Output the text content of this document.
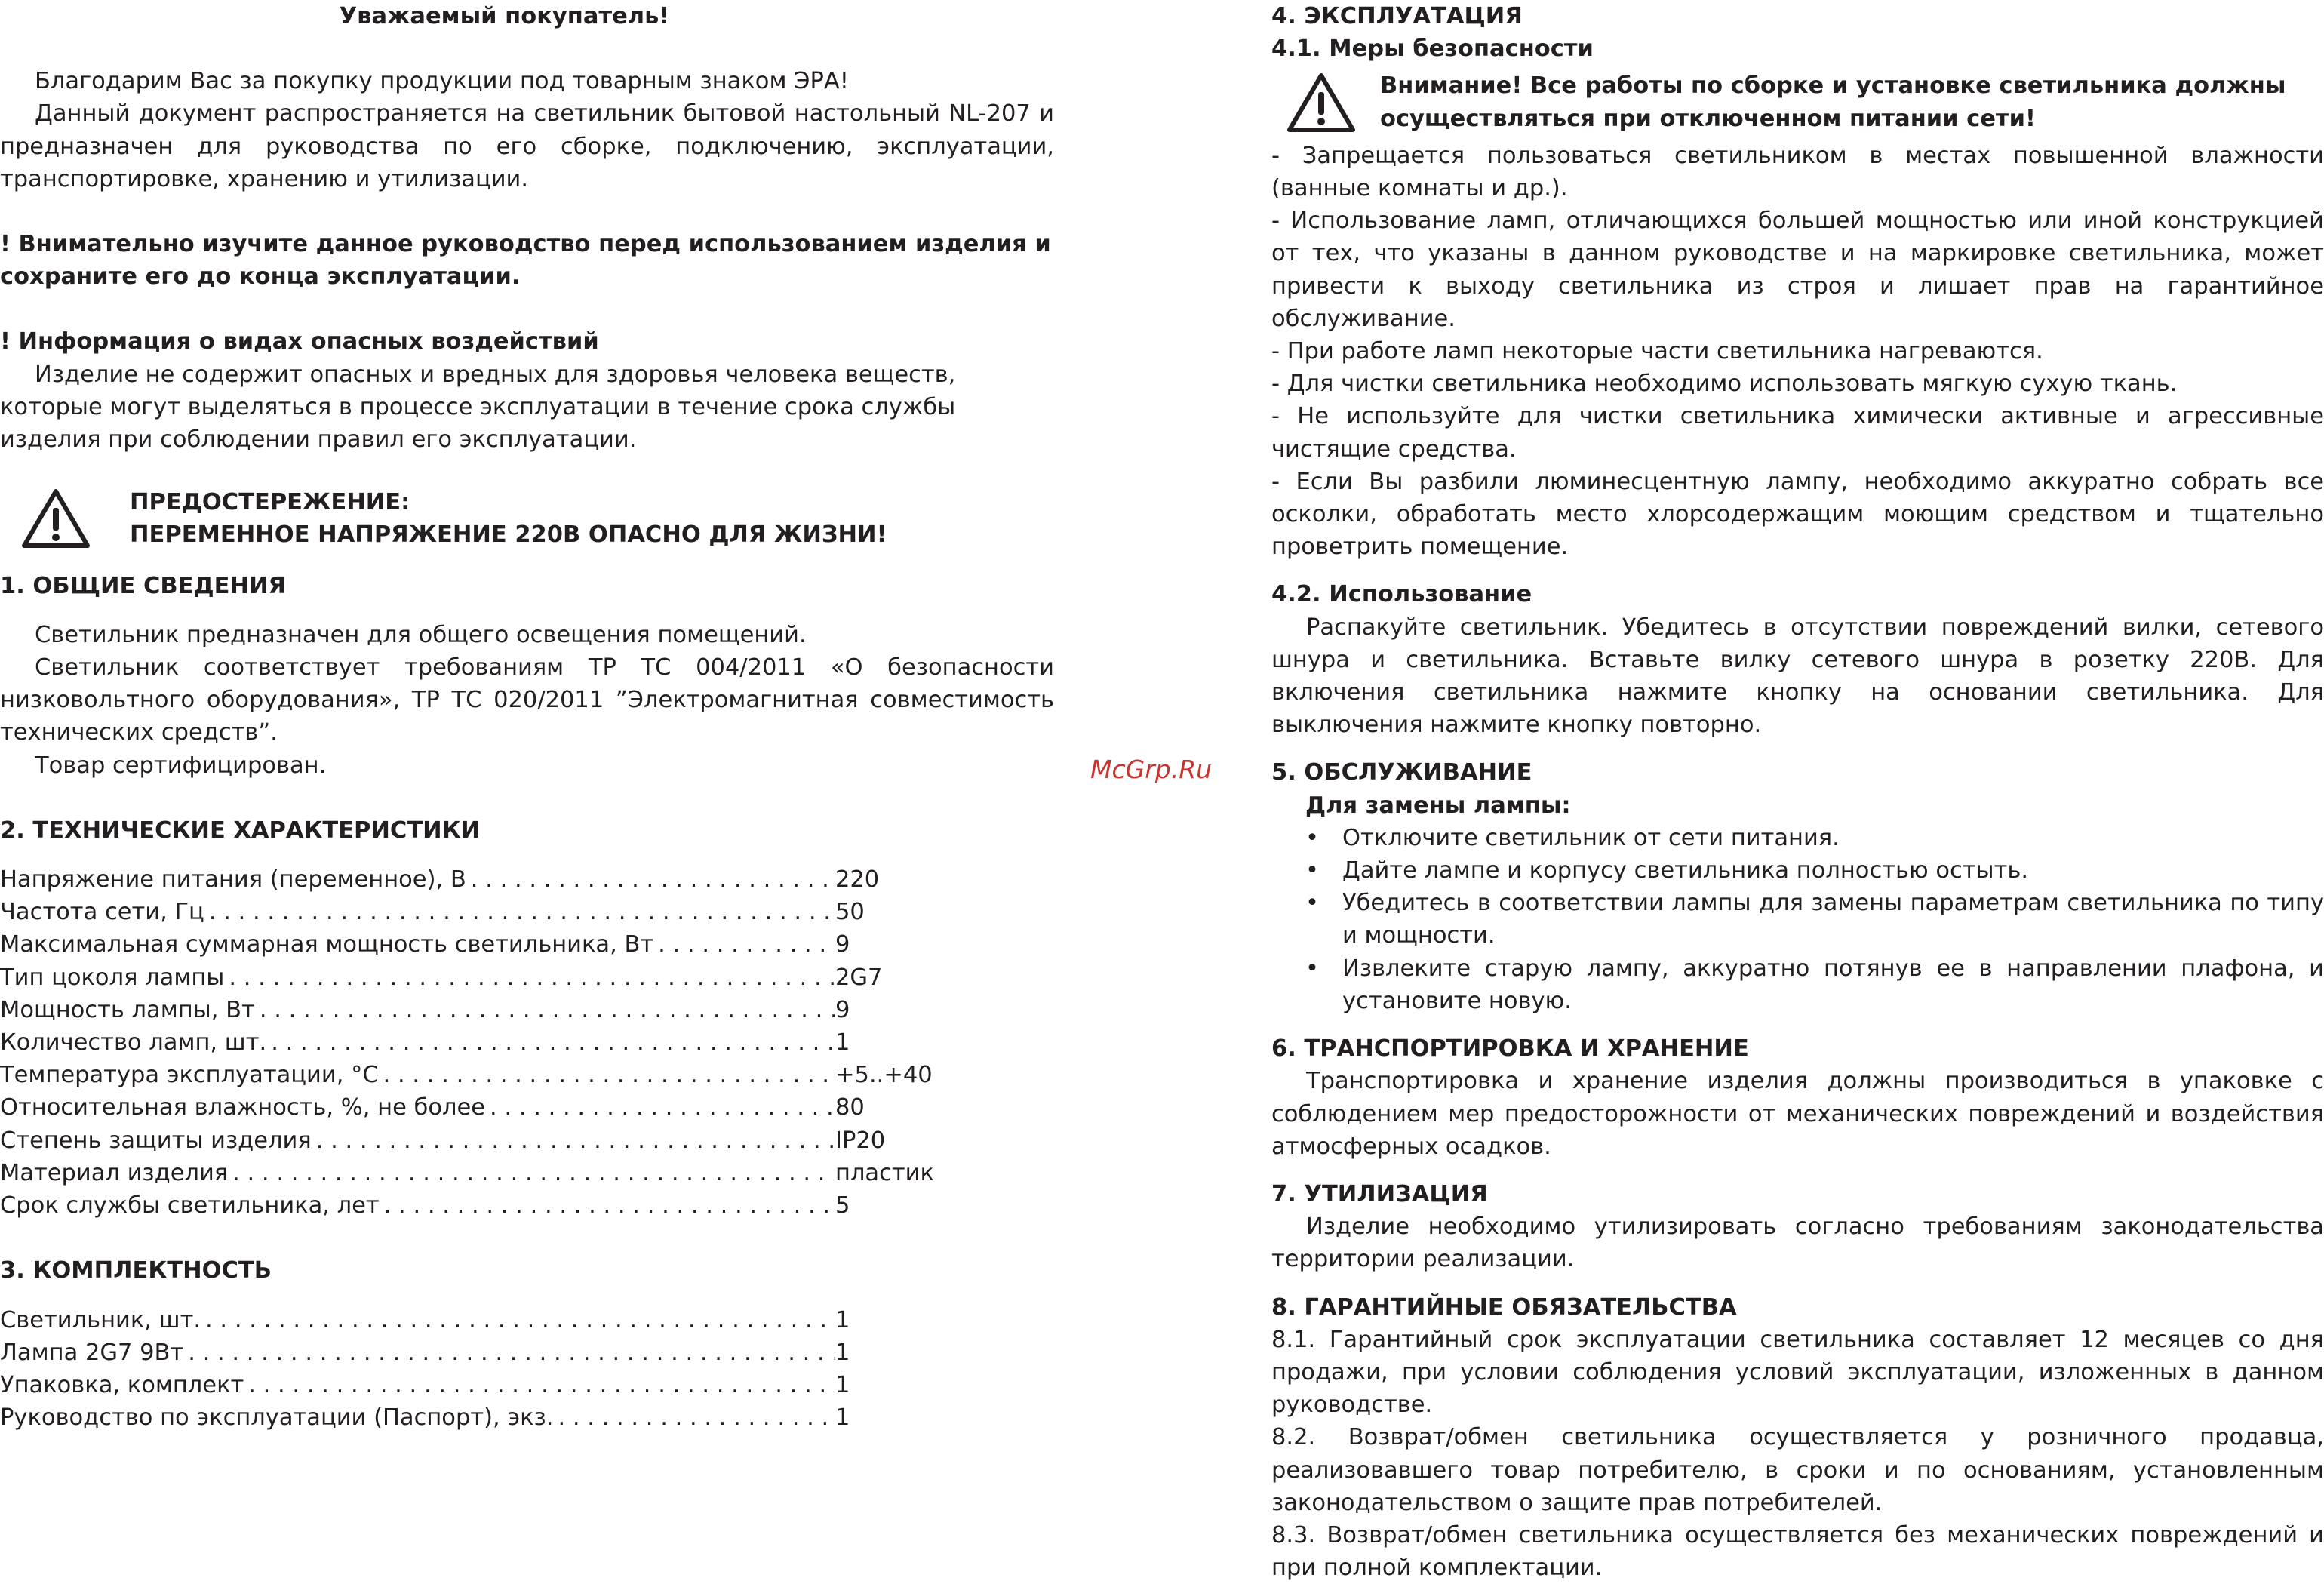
Уважаемый покупатель!

Благодарим Вас за покупку продукции под товарным знаком ЭРА!

Данный документ распространяется на светильник бытовой настольный NL-207 и предназначен для руководства по его сборке, подключению, эксплуатации, транспортировке, хранению и утилизации.

! Внимательно изучите данное руководство перед использованием изделия и сохраните его до конца эксплуатации.

! Информация о видах опасных воздействий

Изделие не содержит опасных и вредных для здоровья человека веществ, которые могут выделяться в процессе эксплуатации в течение срока службы изделия при соблюдении правил его эксплуатации.

ПРЕДОСТЕРЕЖЕНИЕ:

ПЕРЕМЕННОЕ НАПРЯЖЕНИЕ 220В ОПАСНО ДЛЯ ЖИЗНИ!

1. ОБЩИЕ СВЕДЕНИЯ

Светильник предназначен для общего освещения помещений.

Светильник соответствует требованиям ТР ТС 004/2011 «О безопасности низковольтного оборудования», ТР ТС 020/2011 ”Электромагнитная совместимость технических средств”.

Товар сертифицирован.

2. ТЕХНИЧЕСКИЕ ХАРАКТЕРИСТИКИ

Напряжение питания (переменное), В . . .	220
Частота сети, Гц . . .	50
Максимальная суммарная мощность светильника, Вт . . .	9
Тип цоколя лампы . . .	2G7
Мощность лампы, Вт . . .	9
Количество ламп, шт. . . .	1
Температура эксплуатации, °С . . .	+5..+40
Относительная влажность, %, не более . . .	80
Степень защиты изделия . . .	IP20
Материал изделия . . .	пластик
Срок службы светильника, лет . . .	5

3. КОМПЛЕКТНОСТЬ

Светильник, шт. . . .	1
Лампа 2G7 9Вт . . .	1
Упаковка, комплект . . .	1
Руководство по эксплуатации (Паспорт), экз. . . .	1
McGrp.Ru

4. ЭКСПЛУАТАЦИЯ

4.1. Меры безопасности

Внимание! Все работы по сборке и установке светильника должны осуществляться при отключенном питании сети!

- Запрещается пользоваться светильником в местах повышенной влажности (ванные комнаты и др.).

- Использование ламп, отличающихся большей мощностью или иной конструкцией от тех, что указаны в данном руководстве и на маркировке светильника, может привести к выходу светильника из строя и лишает прав на гарантийное обслуживание.

- При работе ламп некоторые части светильника нагреваются.

- Для чистки светильника необходимо использовать мягкую сухую ткань.

- Не используйте для чистки светильника химически активные и агрессивные чистящие средства.

- Если Вы разбили люминесцентную лампу, необходимо аккуратно собрать все осколки, обработать место хлорсодержащим моющим средством и тщательно проветрить помещение.

4.2. Использование

Распакуйте светильник. Убедитесь в отсутствии повреждений вилки, сетевого шнура и светильника. Вставьте вилку сетевого шнура в розетку 220В. Для включения светильника нажмите кнопку на основании светильника. Для выключения нажмите кнопку повторно.

5. ОБСЛУЖИВАНИЕ

Для замены лампы:

• Отключите светильник от сети питания.
• Дайте лампе и корпусу светильника полностью остыть.
• Убедитесь в соответствии лампы для замены параметрам светильника по типу и мощности.
• Извлеките старую лампу, аккуратно потянув ее в направлении плафона, и установите новую.

6. ТРАНСПОРТИРОВКА И ХРАНЕНИЕ

Транспортировка и хранение изделия должны производиться в упаковке с соблюдением мер предосторожности от механических повреждений и воздействия атмосферных осадков.

7. УТИЛИЗАЦИЯ

Изделие необходимо утилизировать согласно требованиям законодательства территории реализации.

8. ГАРАНТИЙНЫЕ ОБЯЗАТЕЛЬСТВА

8.1. Гарантийный срок эксплуатации светильника составляет 12 месяцев со дня продажи, при условии соблюдения условий эксплуатации, изложенных в данном руководстве.

8.2. Возврат/обмен светильника осуществляется у розничного продавца, реализовавшего товар потребителю, в сроки и по основаниям, установленным законодательством о защите прав потребителей.

8.3. Возврат/обмен светильника осуществляется без механических повреждений и при полной комплектации.
